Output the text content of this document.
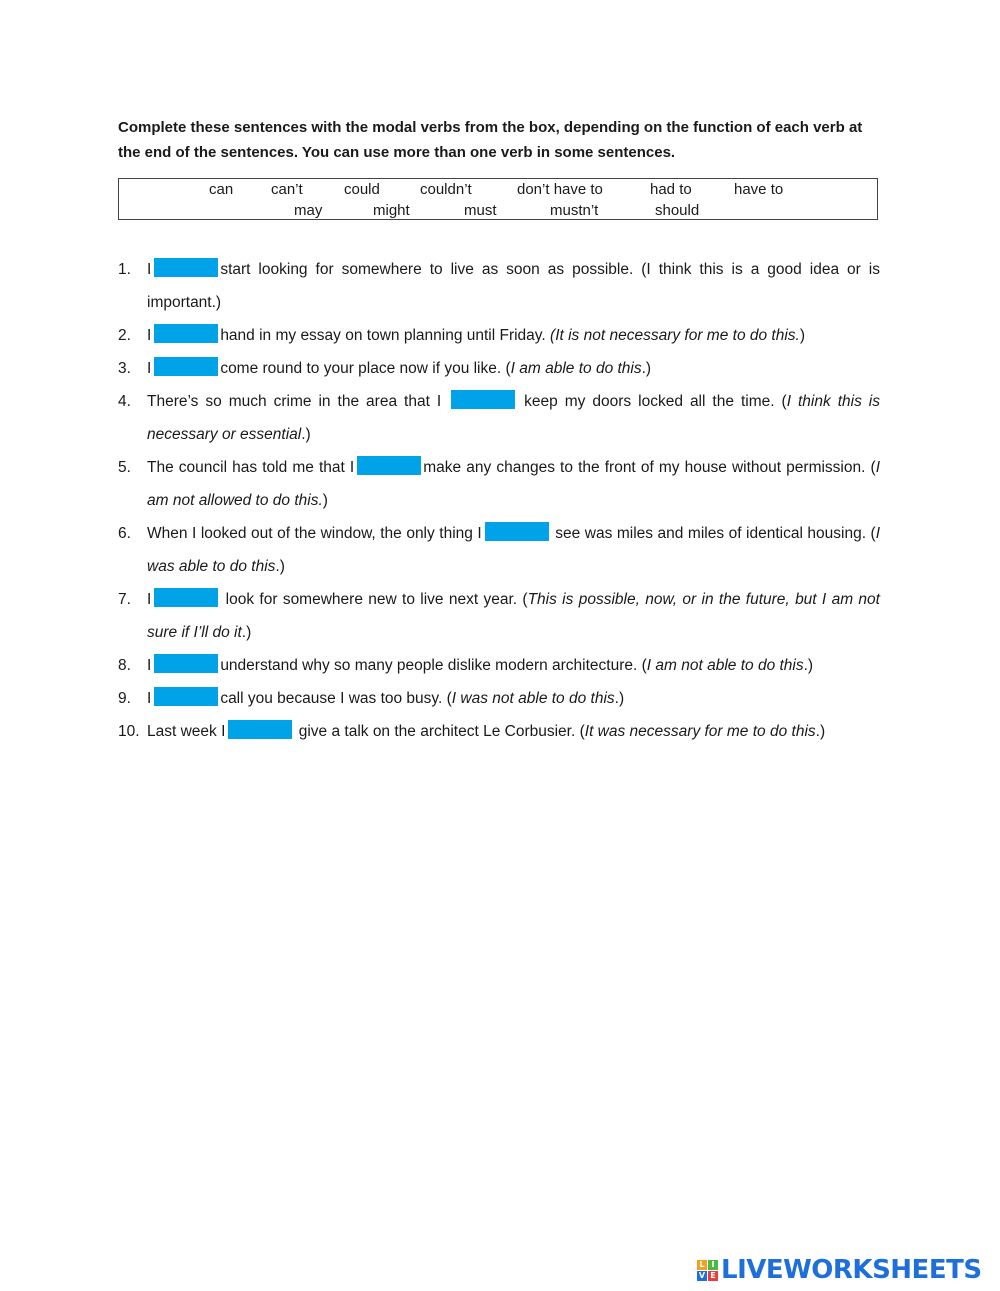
Complete these sentences with the modal verbs from the box, depending on the function of each verb at the end of the sentences. You can use more than one verb in some sentences.

can	can’t	could	couldn’t	don’t have to	had to	have to
may	might	must	mustn’t	should
1. I	start looking for somewhere to live as soon as possible. (I think this is a good idea or is important.)
2. I	hand in my essay on town planning until Friday. (It is not necessary for me to do this.)
3. I	come round to your place now if you like. (I am able to do this.)
4. There’s so much crime in the area that I	keep my doors locked all the time. (I think this is necessary or essential.)
5. The council has told me that I	make any changes to the front of my house without permission. (I am not allowed to do this.)
6. When I looked out of the window, the only thing I	see was miles and miles of identical housing. (I was able to do this.)
7. I	look for somewhere new to live next year. (This is possible, now, or in the future, but I am not sure if I’ll do it.)
8. I	understand why so many people dislike modern architecture. (I am not able to do this.)
9. I	call you because I was too busy. (I was not able to do this.)
10. Last week I	give a talk on the architect Le Corbusier. (It was necessary for me to do this.)
L I
V E LIVEWORKSHEETS
